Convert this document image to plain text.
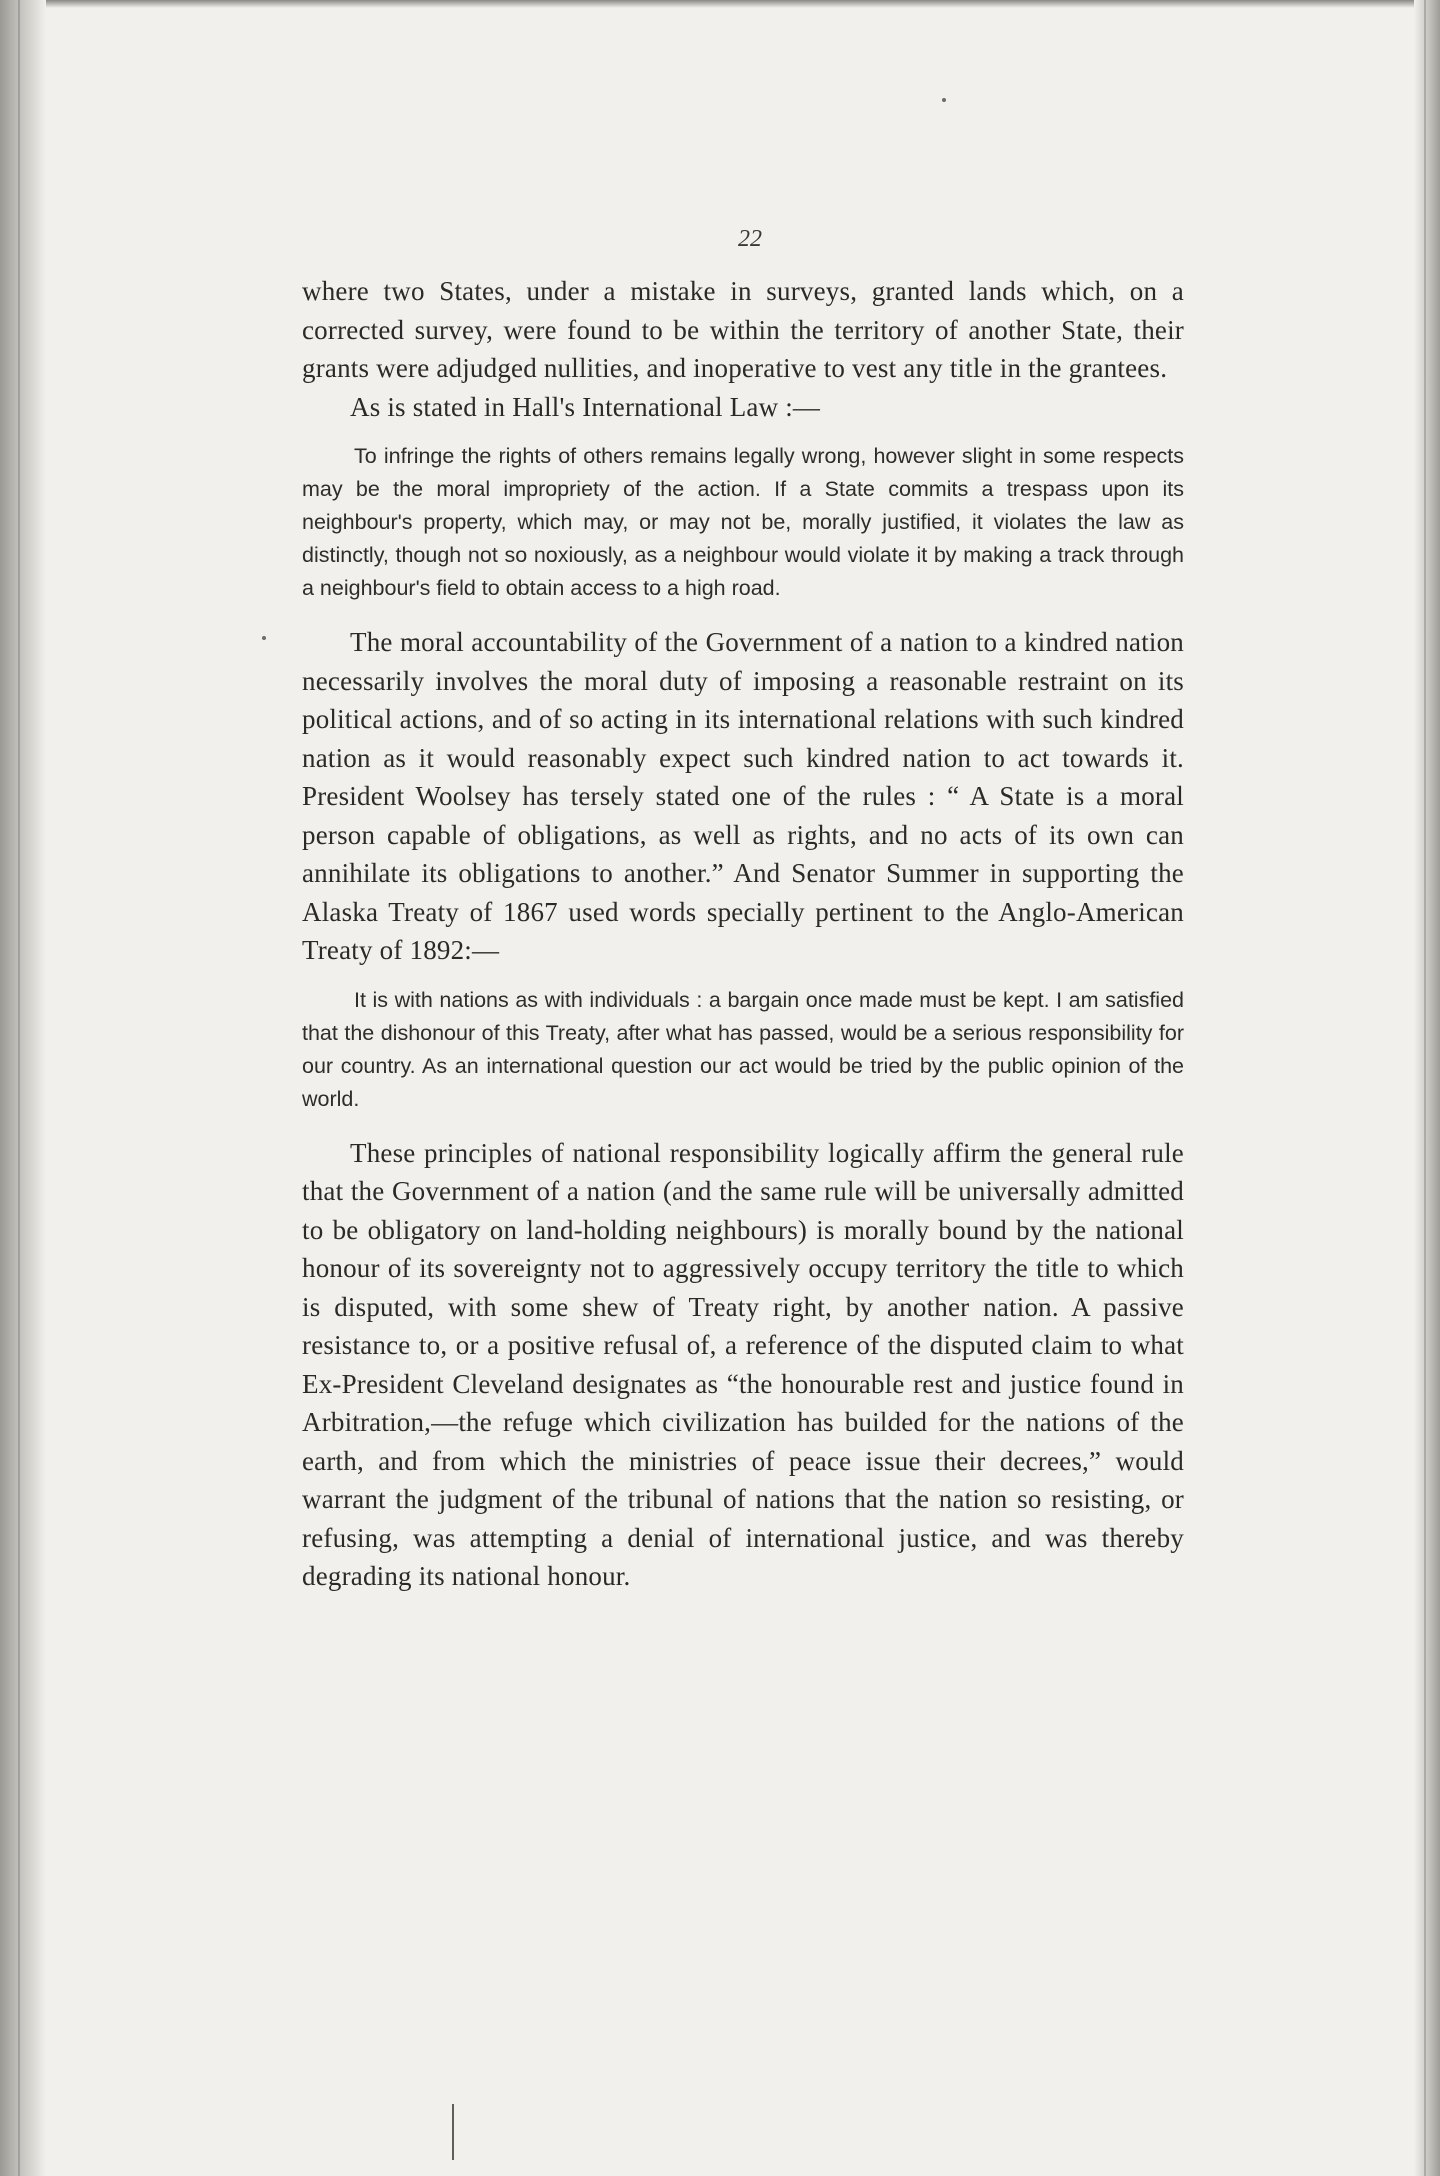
22

where two States, under a mistake in surveys, granted lands which, on a corrected survey, were found to be within the territory of another State, their grants were adjudged nullities, and inoperative to vest any title in the grantees.

As is stated in Hall's International Law :—

To infringe the rights of others remains legally wrong, however slight in some respects may be the moral impropriety of the action. If a State commits a trespass upon its neighbour's property, which may, or may not be, morally justified, it violates the law as distinctly, though not so noxiously, as a neighbour would violate it by making a track through a neighbour's field to obtain access to a high road.

The moral accountability of the Government of a nation to a kindred nation necessarily involves the moral duty of imposing a reasonable restraint on its political actions, and of so acting in its international relations with such kindred nation as it would reasonably expect such kindred nation to act towards it. President Woolsey has tersely stated one of the rules : “ A State is a moral person capable of obligations, as well as rights, and no acts of its own can annihilate its obligations to another.” And Senator Summer in supporting the Alaska Treaty of 1867 used words specially pertinent to the Anglo-American Treaty of 1892:—

It is with nations as with individuals : a bargain once made must be kept. I am satisfied that the dishonour of this Treaty, after what has passed, would be a serious responsibility for our country. As an international question our act would be tried by the public opinion of the world.

These principles of national responsibility logically affirm the general rule that the Government of a nation (and the same rule will be universally admitted to be obligatory on land-holding neighbours) is morally bound by the national honour of its sovereignty not to aggressively occupy territory the title to which is disputed, with some shew of Treaty right, by another nation. A passive resistance to, or a positive refusal of, a reference of the disputed claim to what Ex-President Cleveland designates as “the honourable rest and justice found in Arbitration,—the refuge which civilization has builded for the nations of the earth, and from which the ministries of peace issue their decrees,” would warrant the judgment of the tribunal of nations that the nation so resisting, or refusing, was attempting a denial of international justice, and was thereby degrading its national honour.
